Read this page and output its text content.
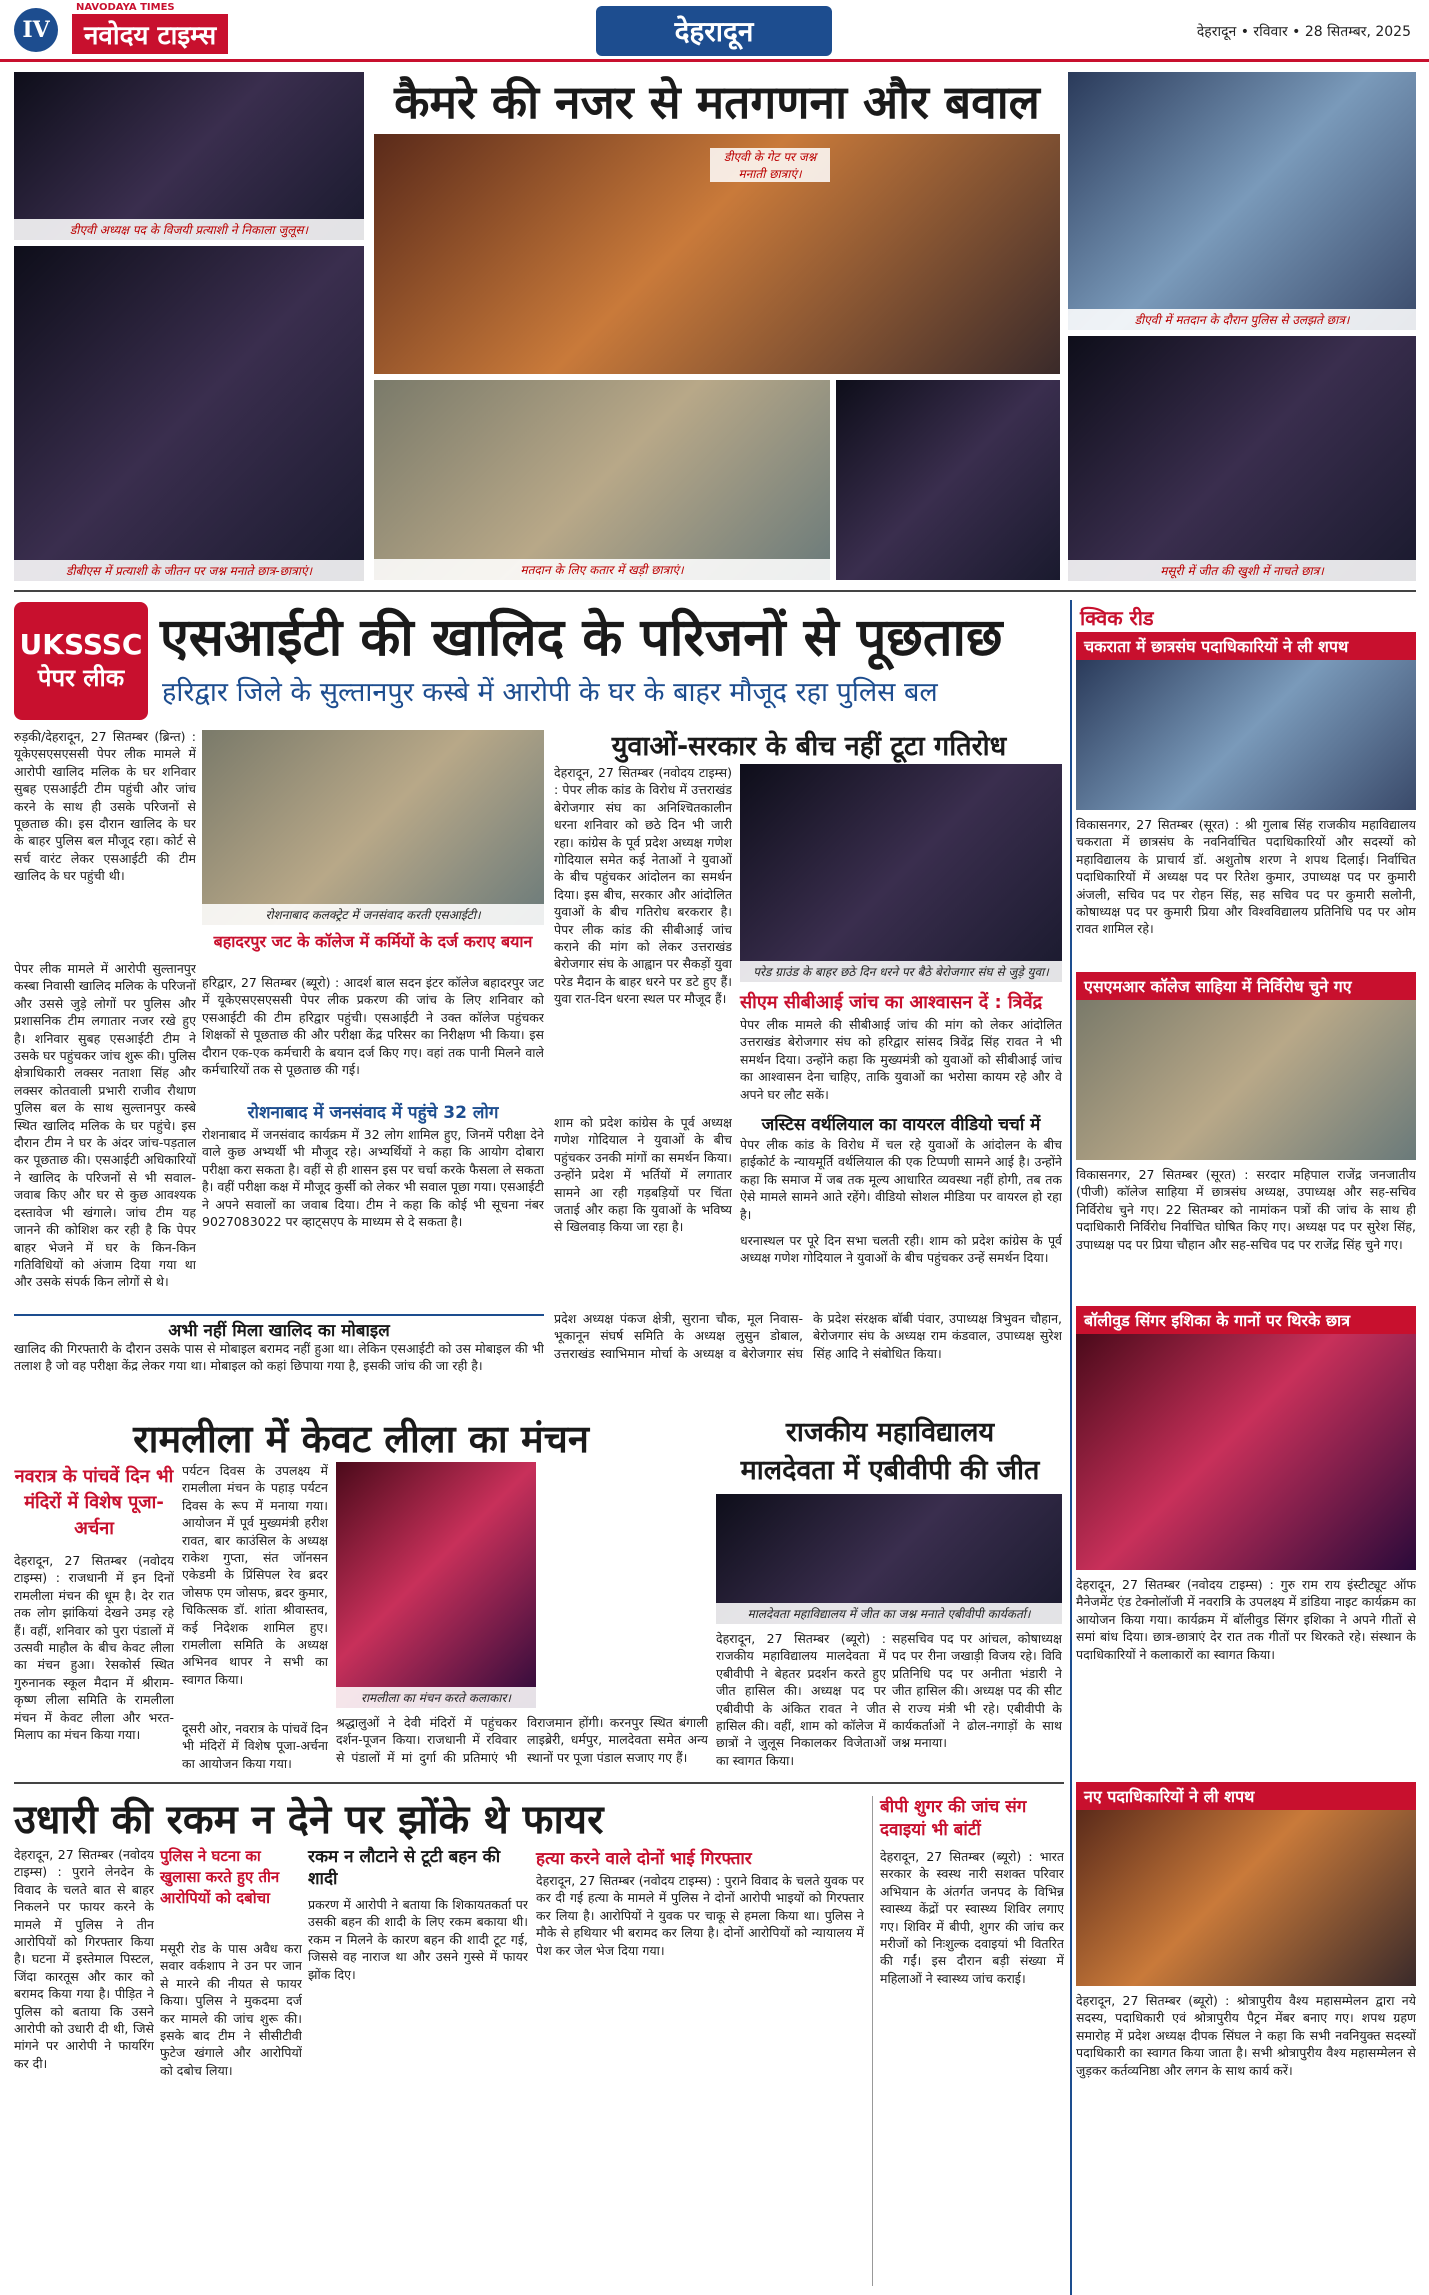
IV
NAVODAYA TIMES
नवोदय टाइम्स	देहरादून	देहरादून • रविवार • 28 सितम्बर, 2025
डीएवी अध्यक्ष पद के विजयी प्रत्याशी ने निकाला जुलूस।
डीबीएस में प्रत्याशी के जीतन पर जश्न मनाते छात्र-छात्राएं।
कैमरे की नजर से मतगणना और बवाल
डीएवी के गेट पर जश्न मनाती छात्राएं।
मतदान के लिए कतार में खड़ी छात्राएं।
डीएवी में मतदान के दौरान पुलिस से उलझते छात्र।
मसूरी में जीत की खुशी में नाचते छात्र।
UKSSSC
पेपर लीक
एसआईटी की खालिद के परिजनों से पूछताछ
हरिद्वार जिले के सुल्तानपुर कस्बे में आरोपी के घर के बाहर मौजूद रहा पुलिस बल
रुड़की/देहरादून, 27 सितम्बर (ब्रिन्त) : यूकेएसएसएससी पेपर लीक मामले में आरोपी खालिद मलिक के घर शनिवार सुबह एसआईटी टीम पहुंची और जांच करने के साथ ही उसके परिजनों से पूछताछ की। इस दौरान खालिद के घर के बाहर पुलिस बल मौजूद रहा। कोर्ट से सर्च वारंट लेकर एसआईटी की टीम खालिद के घर पहुंची थी।
पेपर लीक मामले में आरोपी सुल्तानपुर कस्बा निवासी खालिद मलिक के परिजनों और उससे जुड़े लोगों पर पुलिस और प्रशासनिक टीम लगातार नजर रखे हुए है। शनिवार सुबह एसआईटी टीम ने उसके घर पहुंचकर जांच शुरू की। पुलिस क्षेत्राधिकारी लक्सर नताशा सिंह और लक्सर कोतवाली प्रभारी राजीव रौथाण पुलिस बल के साथ सुल्तानपुर कस्बे स्थित खालिद मलिक के घर पहुंचे। इस दौरान टीम ने घर के अंदर जांच-पड़ताल कर पूछताछ की। एसआईटी अधिकारियों ने खालिद के परिजनों से भी सवाल-जवाब किए और घर से कुछ आवश्यक दस्तावेज भी खंगाले। जांच टीम यह जानने की कोशिश कर रही है कि पेपर बाहर भेजने में घर के किन-किन गतिविधियों को अंजाम दिया गया था और उसके संपर्क किन लोगों से थे।
रोशनाबाद कलक्ट्रेट में जनसंवाद करती एसआईटी।
बहादरपुर जट के कॉलेज में कर्मियों के दर्ज कराए बयान
हरिद्वार, 27 सितम्बर (ब्यूरो) : आदर्श बाल सदन इंटर कॉलेज बहादरपुर जट में यूकेएसएसएससी पेपर लीक प्रकरण की जांच के लिए शनिवार को एसआईटी की टीम हरिद्वार पहुंची। एसआईटी ने उक्त कॉलेज पहुंचकर शिक्षकों से पूछताछ की और परीक्षा केंद्र परिसर का निरीक्षण भी किया। इस दौरान एक-एक कर्मचारी के बयान दर्ज किए गए। वहां तक पानी मिलने वाले कर्मचारियों तक से पूछताछ की गई।
रोशनाबाद में जनसंवाद में पहुंचे 32 लोग
रोशनाबाद में जनसंवाद कार्यक्रम में 32 लोग शामिल हुए, जिनमें परीक्षा देने वाले कुछ अभ्यर्थी भी मौजूद रहे। अभ्यर्थियों ने कहा कि आयोग दोबारा परीक्षा करा सकता है। वहीं से ही शासन इस पर चर्चा करके फैसला ले सकता है। वहीं परीक्षा कक्ष में मौजूद कुर्सी को लेकर भी सवाल पूछा गया। एसआईटी ने अपने सवालों का जवाब दिया। टीम ने कहा कि कोई भी सूचना नंबर 9027083022 पर व्हाट्सएप के माध्यम से दे सकता है।
अभी नहीं मिला खालिद का मोबाइल
खालिद की गिरफ्तारी के दौरान उसके पास से मोबाइल बरामद नहीं हुआ था। लेकिन एसआईटी को उस मोबाइल की भी तलाश है जो वह परीक्षा केंद्र लेकर गया था। मोबाइल को कहां छिपाया गया है, इसकी जांच की जा रही है।
युवाओं-सरकार के बीच नहीं टूटा गतिरोध
देहरादून, 27 सितम्बर (नवोदय टाइम्स) : पेपर लीक कांड के विरोध में उत्तराखंड बेरोजगार संघ का अनिश्चितकालीन धरना शनिवार को छठे दिन भी जारी रहा। कांग्रेस के पूर्व प्रदेश अध्यक्ष गणेश गोदियाल समेत कई नेताओं ने युवाओं के बीच पहुंचकर आंदोलन का समर्थन दिया। इस बीच, सरकार और आंदोलित युवाओं के बीच गतिरोध बरकरार है। पेपर लीक कांड की सीबीआई जांच कराने की मांग को लेकर उत्तराखंड बेरोजगार संघ के आह्वान पर सैकड़ों युवा परेड मैदान के बाहर धरने पर डटे हुए हैं। युवा रात-दिन धरना स्थल पर मौजूद हैं।
परेड ग्राउंड के बाहर छठे दिन धरने पर बैठे बेरोजगार संघ से जुड़े युवा।
सीएम सीबीआई जांच का आश्वासन दें : त्रिवेंद्र
पेपर लीक मामले की सीबीआई जांच की मांग को लेकर आंदोलित उत्तराखंड बेरोजगार संघ को हरिद्वार सांसद त्रिवेंद्र सिंह रावत ने भी समर्थन दिया। उन्होंने कहा कि मुख्यमंत्री को युवाओं को सीबीआई जांच का आश्वासन देना चाहिए, ताकि युवाओं का भरोसा कायम रहे और वे अपने घर लौट सकें।
जस्टिस वर्थलियाल का वायरल वीडियो चर्चा में
पेपर लीक कांड के विरोध में चल रहे युवाओं के आंदोलन के बीच हाईकोर्ट के न्यायमूर्ति वर्थलियाल की एक टिप्पणी सामने आई है। उन्होंने कहा कि समाज में जब तक मूल्य आधारित व्यवस्था नहीं होगी, तब तक ऐसे मामले सामने आते रहेंगे। वीडियो सोशल मीडिया पर वायरल हो रहा है।
शाम को प्रदेश कांग्रेस के पूर्व अध्यक्ष गणेश गोदियाल ने युवाओं के बीच पहुंचकर उनकी मांगों का समर्थन किया। उन्होंने प्रदेश में भर्तियों में लगातार सामने आ रही गड़बड़ियों पर चिंता जताई और कहा कि युवाओं के भविष्य से खिलवाड़ किया जा रहा है।
धरनास्थल पर पूरे दिन सभा चलती रही। शाम को प्रदेश कांग्रेस के पूर्व अध्यक्ष गणेश गोदियाल ने युवाओं के बीच पहुंचकर उन्हें समर्थन दिया।
प्रदेश अध्यक्ष पंकज क्षेत्री, सुराना चौक, मूल निवास-भूकानून संघर्ष समिति के अध्यक्ष लुसुन डोबाल, उत्तराखंड स्वाभिमान मोर्चा के अध्यक्ष व बेरोजगार संघ के प्रदेश संरक्षक बॉबी पंवार, उपाध्यक्ष त्रिभुवन चौहान, बेरोजगार संघ के अध्यक्ष राम कंडवाल, उपाध्यक्ष सुरेश सिंह आदि ने संबोधित किया।
क्विक रीड
चकराता में छात्रसंघ पदाधिकारियों ने ली शपथ
विकासनगर, 27 सितम्बर (सूरत) : श्री गुलाब सिंह राजकीय महाविद्यालय चकराता में छात्रसंघ के नवनिर्वाचित पदाधिकारियों और सदस्यों को महाविद्यालय के प्राचार्य डॉ. अशुतोष शरण ने शपथ दिलाई। निर्वाचित पदाधिकारियों में अध्यक्ष पद पर रितेश कुमार, उपाध्यक्ष पद पर कुमारी अंजली, सचिव पद पर रोहन सिंह, सह सचिव पद पर कुमारी सलोनी, कोषाध्यक्ष पद पर कुमारी प्रिया और विश्वविद्यालय प्रतिनिधि पद पर ओम रावत शामिल रहे।
एसएमआर कॉलेज साहिया में निर्विरोध चुने गए
विकासनगर, 27 सितम्बर (सूरत) : सरदार महिपाल राजेंद्र जनजातीय (पीजी) कॉलेज साहिया में छात्रसंघ अध्यक्ष, उपाध्यक्ष और सह-सचिव निर्विरोध चुने गए। 22 सितम्बर को नामांकन पत्रों की जांच के साथ ही पदाधिकारी निर्विरोध निर्वाचित घोषित किए गए। अध्यक्ष पद पर सुरेश सिंह, उपाध्यक्ष पद पर प्रिया चौहान और सह-सचिव पद पर राजेंद्र सिंह चुने गए।
बॉलीवुड सिंगर इशिका के गानों पर थिरके छात्र
देहरादून, 27 सितम्बर (नवोदय टाइम्स) : गुरु राम राय इंस्टीट्यूट ऑफ मैनेजमेंट एंड टेक्नोलॉजी में नवरात्रि के उपलक्ष्य में डांडिया नाइट कार्यक्रम का आयोजन किया गया। कार्यक्रम में बॉलीवुड सिंगर इशिका ने अपने गीतों से समां बांध दिया। छात्र-छात्राएं देर रात तक गीतों पर थिरकते रहे। संस्थान के पदाधिकारियों ने कलाकारों का स्वागत किया।
नए पदाधिकारियों ने ली शपथ
देहरादून, 27 सितम्बर (ब्यूरो) : श्रोत्रापुरीय वैश्य महासम्मेलन द्वारा नये सदस्य, पदाधिकारी एवं श्रोत्रापुरीय पैट्रन मेंबर बनाए गए। शपथ ग्रहण समारोह में प्रदेश अध्यक्ष दीपक सिंघल ने कहा कि सभी नवनियुक्त सदस्यों पदाधिकारी का स्वागत किया जाता है। सभी श्रोत्रापुरीय वैश्य महासम्मेलन से जुड़कर कर्तव्यनिष्ठा और लगन के साथ कार्य करें।
रामलीला में केवट लीला का मंचन
नवरात्र के पांचवें दिन भी मंदिरों में विशेष पूजा-अर्चना
देहरादून, 27 सितम्बर (नवोदय टाइम्स) : राजधानी में इन दिनों रामलीला मंचन की धूम है। देर रात तक लोग झांकियां देखने उमड़ रहे हैं। वहीं, शनिवार को पुरा पंडालों में उत्सवी माहौल के बीच केवट लीला का मंचन हुआ। रेसकोर्स स्थित गुरुनानक स्कूल मैदान में श्रीराम-कृष्ण लीला समिति के रामलीला मंचन में केवट लीला और भरत-मिलाप का मंचन किया गया।
पर्यटन दिवस के उपलक्ष्य में रामलीला मंचन के पहाड़ पर्यटन दिवस के रूप में मनाया गया। आयोजन में पूर्व मुख्यमंत्री हरीश रावत, बार काउंसिल के अध्यक्ष राकेश गुप्ता, संत जॉनसन एकेडमी के प्रिंसिपल रेव ब्रदर जोसफ एम जोसफ, ब्रदर कुमार, चिकित्सक डॉ. शांता श्रीवास्तव, कई निदेशक शामिल हुए। रामलीला समिति के अध्यक्ष अभिनव थापर ने सभी का स्वागत किया।
रामलीला का मंचन करते कलाकार।
दूसरी ओर, नवरात्र के पांचवें दिन भी मंदिरों में विशेष पूजा-अर्चना का आयोजन किया गया।
श्रद्धालुओं ने देवी मंदिरों में पहुंचकर दर्शन-पूजन किया। राजधानी में रविवार से पंडालों में मां दुर्गा की प्रतिमाएं भी विराजमान होंगी। करनपुर स्थित बंगाली लाइब्रेरी, धर्मपुर, मालदेवता समेत अन्य स्थानों पर पूजा पंडाल सजाए गए हैं।
राजकीय महाविद्यालय
मालदेवता में एबीवीपी की जीत
मालदेवता महाविद्यालय में जीत का जश्न मनाते एबीवीपी कार्यकर्ता।
देहरादून, 27 सितम्बर (ब्यूरो) : राजकीय महाविद्यालय मालदेवता में एबीवीपी ने बेहतर प्रदर्शन करते हुए जीत हासिल की। अध्यक्ष पद पर एबीवीपी के अंकित रावत ने जीत हासिल की। वहीं, शाम को कॉलेज में छात्रों ने जुलूस निकालकर विजेताओं का स्वागत किया।
सहसचिव पद पर आंचल, कोषाध्यक्ष पद पर रीना जखाड़ी विजय रहे। विवि प्रतिनिधि पद पर अनीता भंडारी ने जीत हासिल की। अध्यक्ष पद की सीट से राज्य मंत्री भी रहे। एबीवीपी के कार्यकर्ताओं ने ढोल-नगाड़ों के साथ जश्न मनाया।
उधारी की रकम न देने पर झोंके थे फायर
देहरादून, 27 सितम्बर (नवोदय टाइम्स) : पुराने लेनदेन के विवाद के चलते बात से बाहर निकलने पर फायर करने के मामले में पुलिस ने तीन आरोपियों को गिरफ्तार किया है। घटना में इस्तेमाल पिस्टल, जिंदा कारतूस और कार को बरामद किया गया है। पीड़ित ने पुलिस को बताया कि उसने आरोपी को उधारी दी थी, जिसे मांगने पर आरोपी ने फायरिंग कर दी।
पुलिस ने घटना का खुलासा करते हुए तीन आरोपियों को दबोचा
मसूरी रोड के पास अवैध करा सवार वर्कशाप ने उन पर जान से मारने की नीयत से फायर किया। पुलिस ने मुकदमा दर्ज कर मामले की जांच शुरू की। इसके बाद टीम ने सीसीटीवी फुटेज खंगाले और आरोपियों को दबोच लिया।
रकम न लौटाने से टूटी बहन की शादी
प्रकरण में आरोपी ने बताया कि शिकायतकर्ता पर उसकी बहन की शादी के लिए रकम बकाया थी। रकम न मिलने के कारण बहन की शादी टूट गई, जिससे वह नाराज था और उसने गुस्से में फायर झोंक दिए।
हत्या करने वाले दोनों भाई गिरफ्तार
देहरादून, 27 सितम्बर (नवोदय टाइम्स) : पुराने विवाद के चलते युवक पर कर दी गई हत्या के मामले में पुलिस ने दोनों आरोपी भाइयों को गिरफ्तार कर लिया है। आरोपियों ने युवक पर चाकू से हमला किया था। पुलिस ने मौके से हथियार भी बरामद कर लिया है। दोनों आरोपियों को न्यायालय में पेश कर जेल भेज दिया गया।
बीपी शुगर की जांच संग दवाइयां भी बांटीं
देहरादून, 27 सितम्बर (ब्यूरो) : भारत सरकार के स्वस्थ नारी सशक्त परिवार अभियान के अंतर्गत जनपद के विभिन्न स्वास्थ्य केंद्रों पर स्वास्थ्य शिविर लगाए गए। शिविर में बीपी, शुगर की जांच कर मरीजों को निःशुल्क दवाइयां भी वितरित की गईं। इस दौरान बड़ी संख्या में महिलाओं ने स्वास्थ्य जांच कराई।
